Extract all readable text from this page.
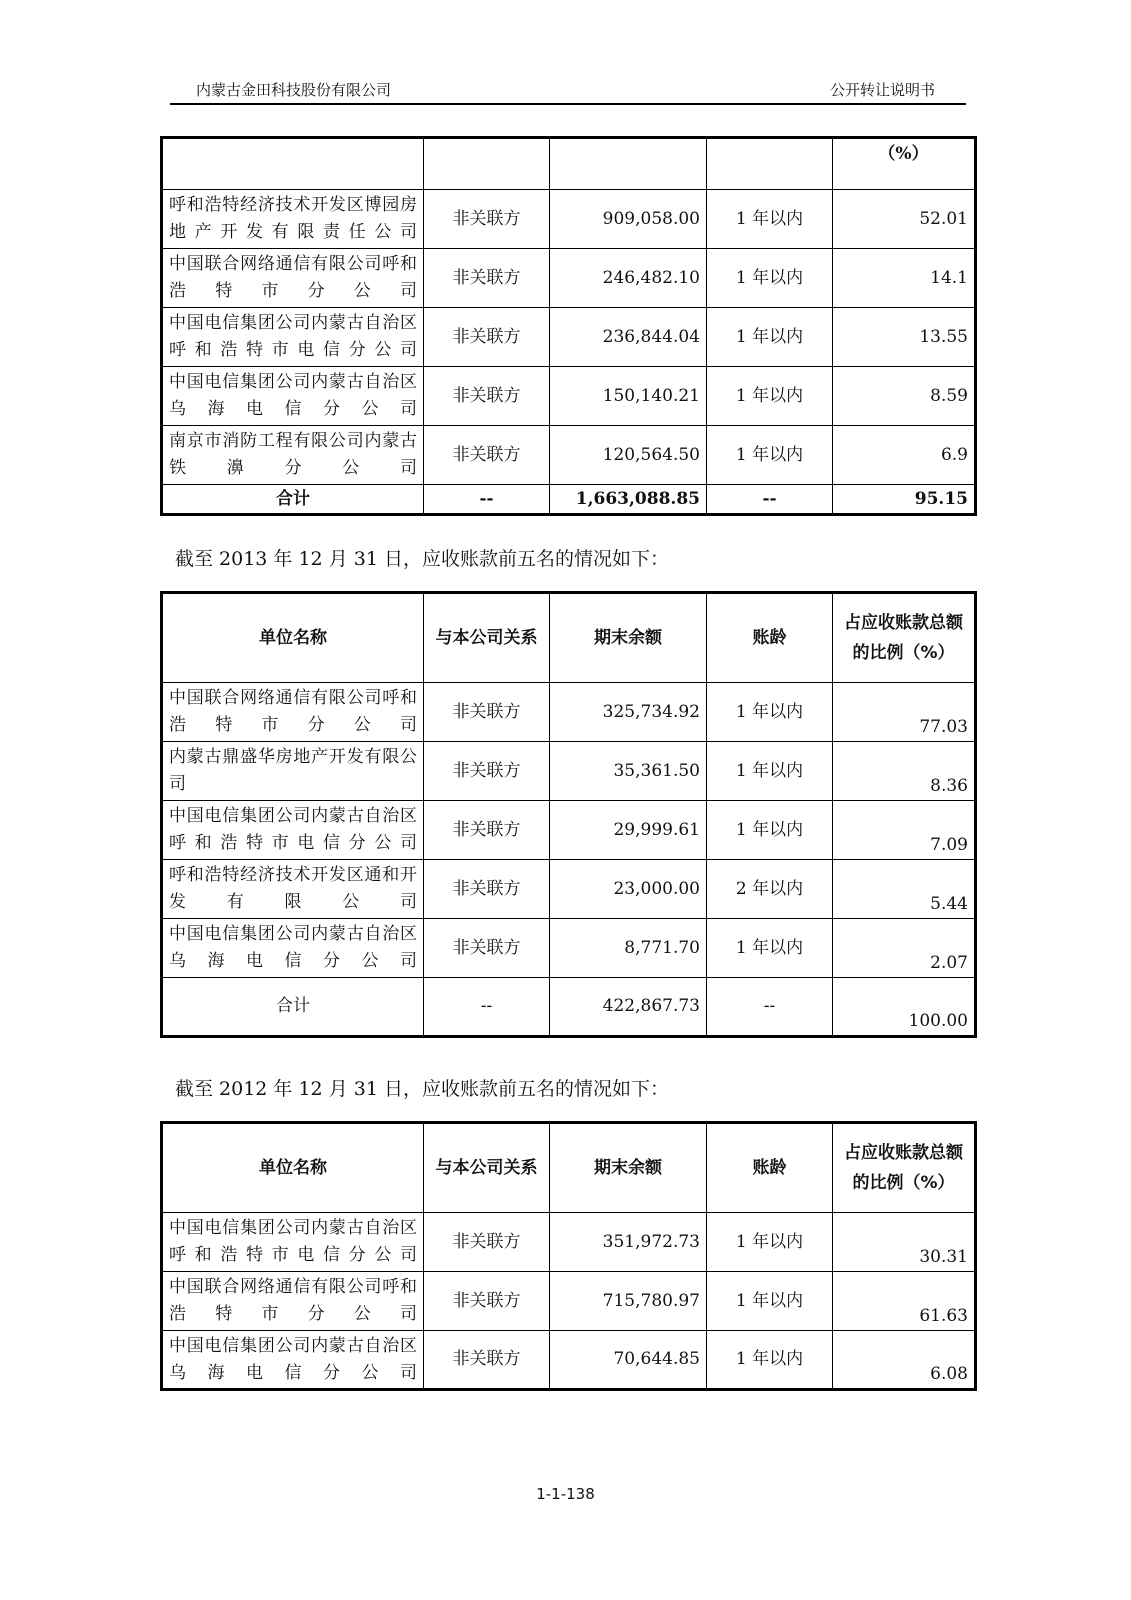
内蒙古金田科技股份有限公司	公开转让说明书
				（%）
呼和浩特经济技术开发区博园房地产开发有限责任公司	非关联方	909,058.00	1 年以内	52.01
中国联合网络通信有限公司呼和浩特市分公司	非关联方	246,482.10	1 年以内	14.1
中国电信集团公司内蒙古自治区呼和浩特市电信分公司	非关联方	236,844.04	1 年以内	13.55
中国电信集团公司内蒙古自治区乌海电信分公司	非关联方	150,140.21	1 年以内	8.59
南京市消防工程有限公司内蒙古铁濞分公司	非关联方	120,564.50	1 年以内	6.9
合计	--	1,663,088.85	--	95.15
截至 2013 年 12 月 31 日，应收账款前五名的情况如下：
单位名称	与本公司关系	期末余额	账龄	占应收账款总额的比例（%）
中国联合网络通信有限公司呼和浩特市分公司	非关联方	325,734.92	1 年以内	77.03
内蒙古鼎盛华房地产开发有限公司	非关联方	35,361.50	1 年以内	8.36
中国电信集团公司内蒙古自治区呼和浩特市电信分公司	非关联方	29,999.61	1 年以内	7.09
呼和浩特经济技术开发区通和开发有限公司	非关联方	23,000.00	2 年以内	5.44
中国电信集团公司内蒙古自治区乌海电信分公司	非关联方	8,771.70	1 年以内	2.07
合计	--	422,867.73	--	100.00
截至 2012 年 12 月 31 日，应收账款前五名的情况如下：
单位名称	与本公司关系	期末余额	账龄	占应收账款总额的比例（%）
中国电信集团公司内蒙古自治区呼和浩特市电信分公司	非关联方	351,972.73	1 年以内	30.31
中国联合网络通信有限公司呼和浩特市分公司	非关联方	715,780.97	1 年以内	61.63
中国电信集团公司内蒙古自治区乌海电信分公司	非关联方	70,644.85	1 年以内	6.08
1-1-138
